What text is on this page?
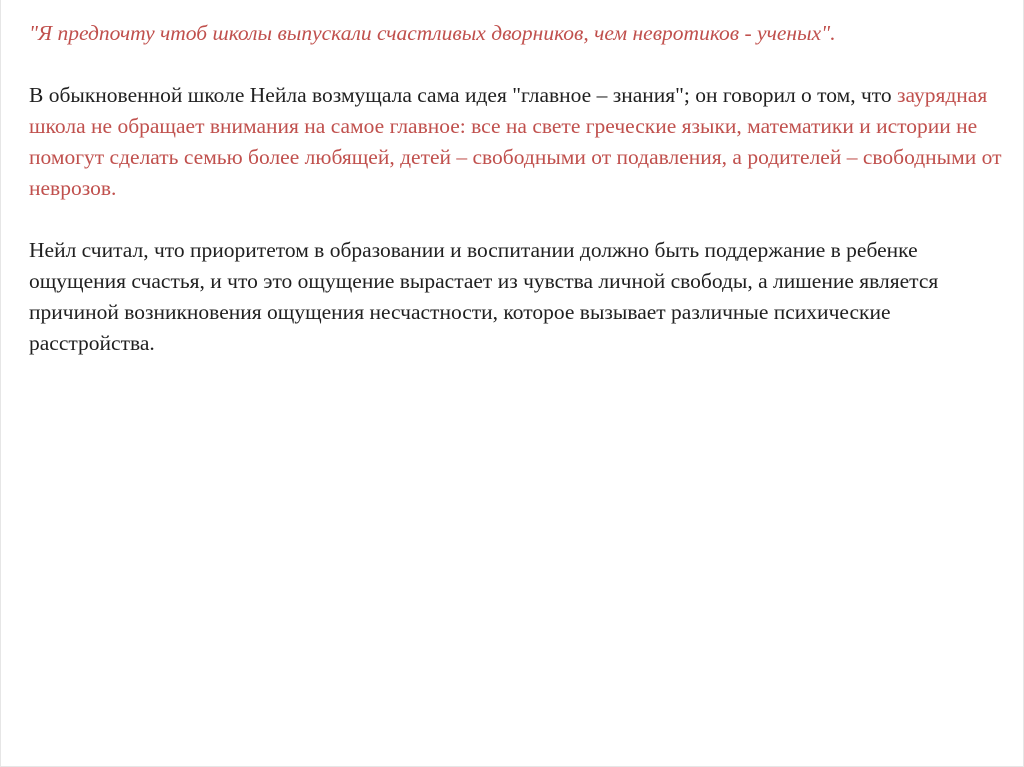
"Я предпочту чтоб школы выпускали счастливых дворников, чем невротиков - ученых".

В обыкновенной школе Нейла возмущала сама идея "главное – знания"; он говорил о том, что заурядная школа не обращает внимания на самое главное: все на свете греческие языки, математики и истории не помогут сделать семью более любящей, детей – свободными от подавления, а родителей – свободными от неврозов.

Нейл считал, что приоритетом в образовании и воспитании должно быть поддержание в ребенке ощущения счастья, и что это ощущение вырастает из чувства личной свободы, а лишение является причиной возникновения ощущения несчастности, которое вызывает различные психические расстройства.
